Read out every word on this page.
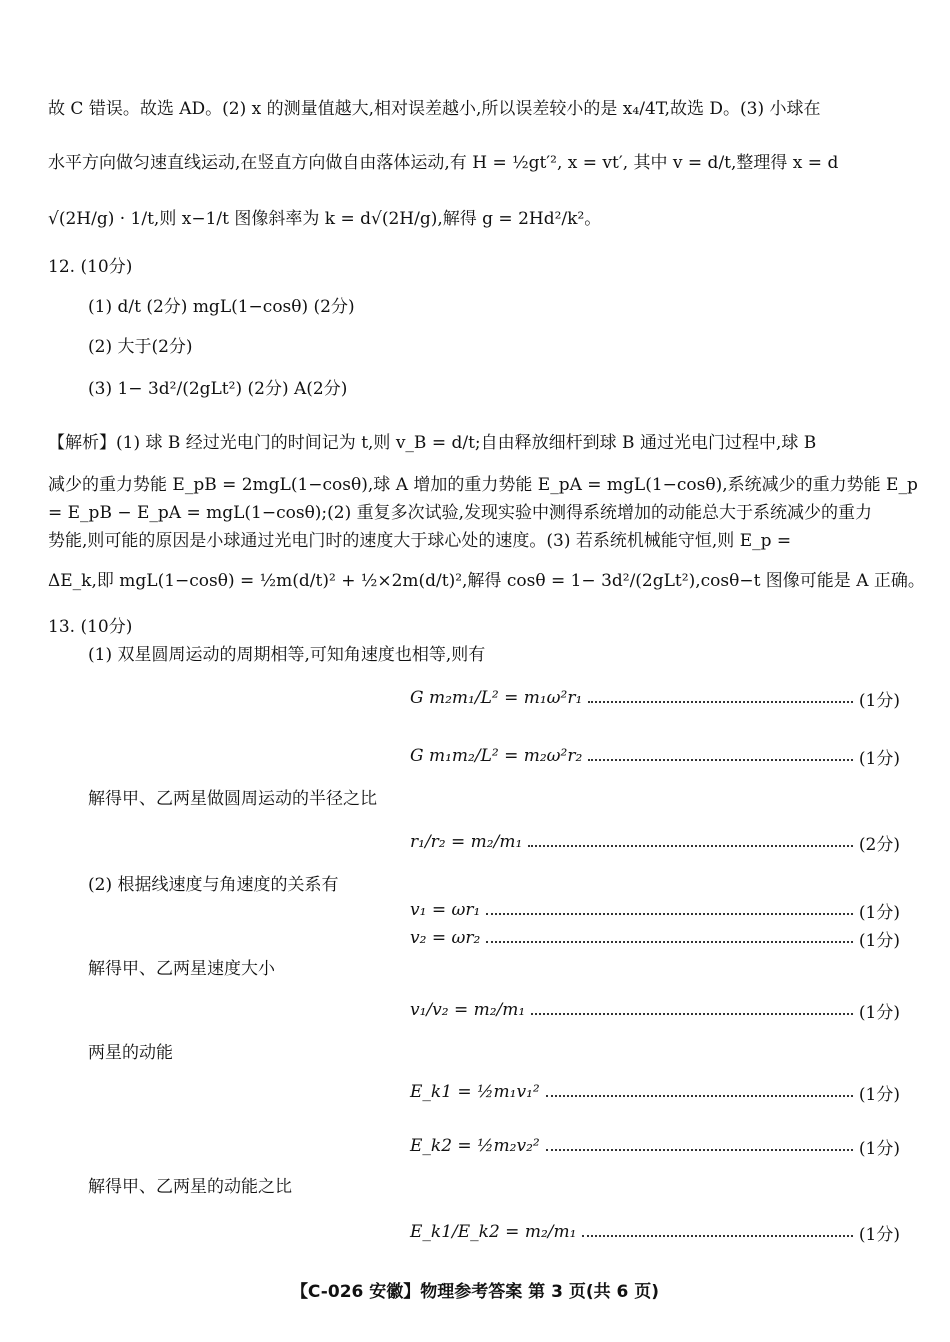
故 C 错误。故选 AD。(2) x 的测量值越大,相对误差越小,所以误差较小的是 x₄/4T,故选 D。(3) 小球在
水平方向做匀速直线运动,在竖直方向做自由落体运动,有 H = ½gt′², x = vt′, 其中 v = d/t,整理得 x = d
√(2H/g) · 1/t,则 x−1/t 图像斜率为 k = d√(2H/g),解得 g = 2Hd²/k²。
12. (10分)
(1) d/t (2分) mgL(1−cosθ) (2分)
(2) 大于(2分)
(3) 1− 3d²/(2gLt²) (2分) A(2分)
【解析】(1) 球 B 经过光电门的时间记为 t,则 v_B = d/t;自由释放细杆到球 B 通过光电门过程中,球 B
减少的重力势能 E_pB = 2mgL(1−cosθ),球 A 增加的重力势能 E_pA = mgL(1−cosθ),系统减少的重力势能 E_p
= E_pB − E_pA = mgL(1−cosθ);(2) 重复多次试验,发现实验中测得系统增加的动能总大于系统减少的重力
势能,则可能的原因是小球通过光电门时的速度大于球心处的速度。(3) 若系统机械能守恒,则 E_p =
ΔE_k,即 mgL(1−cosθ) = ½m(d/t)² + ½×2m(d/t)²,解得 cosθ = 1− 3d²/(2gLt²),cosθ−t 图像可能是 A 正确。
13. (10分)
(1) 双星圆周运动的周期相等,可知角速度也相等,则有
G m₂m₁/L² = m₁ω²r₁	(1分)
G m₁m₂/L² = m₂ω²r₂	(1分)
解得甲、乙两星做圆周运动的半径之比
r₁/r₂ = m₂/m₁	(2分)
(2) 根据线速度与角速度的关系有
v₁ = ωr₁	(1分)
v₂ = ωr₂	(1分)
解得甲、乙两星速度大小
v₁/v₂ = m₂/m₁	(1分)
两星的动能
E_k1 = ½m₁v₁²	(1分)
E_k2 = ½m₂v₂²	(1分)
解得甲、乙两星的动能之比
E_k1/E_k2 = m₂/m₁	(1分)
【C-026 安徽】物理参考答案 第 3 页(共 6 页)
